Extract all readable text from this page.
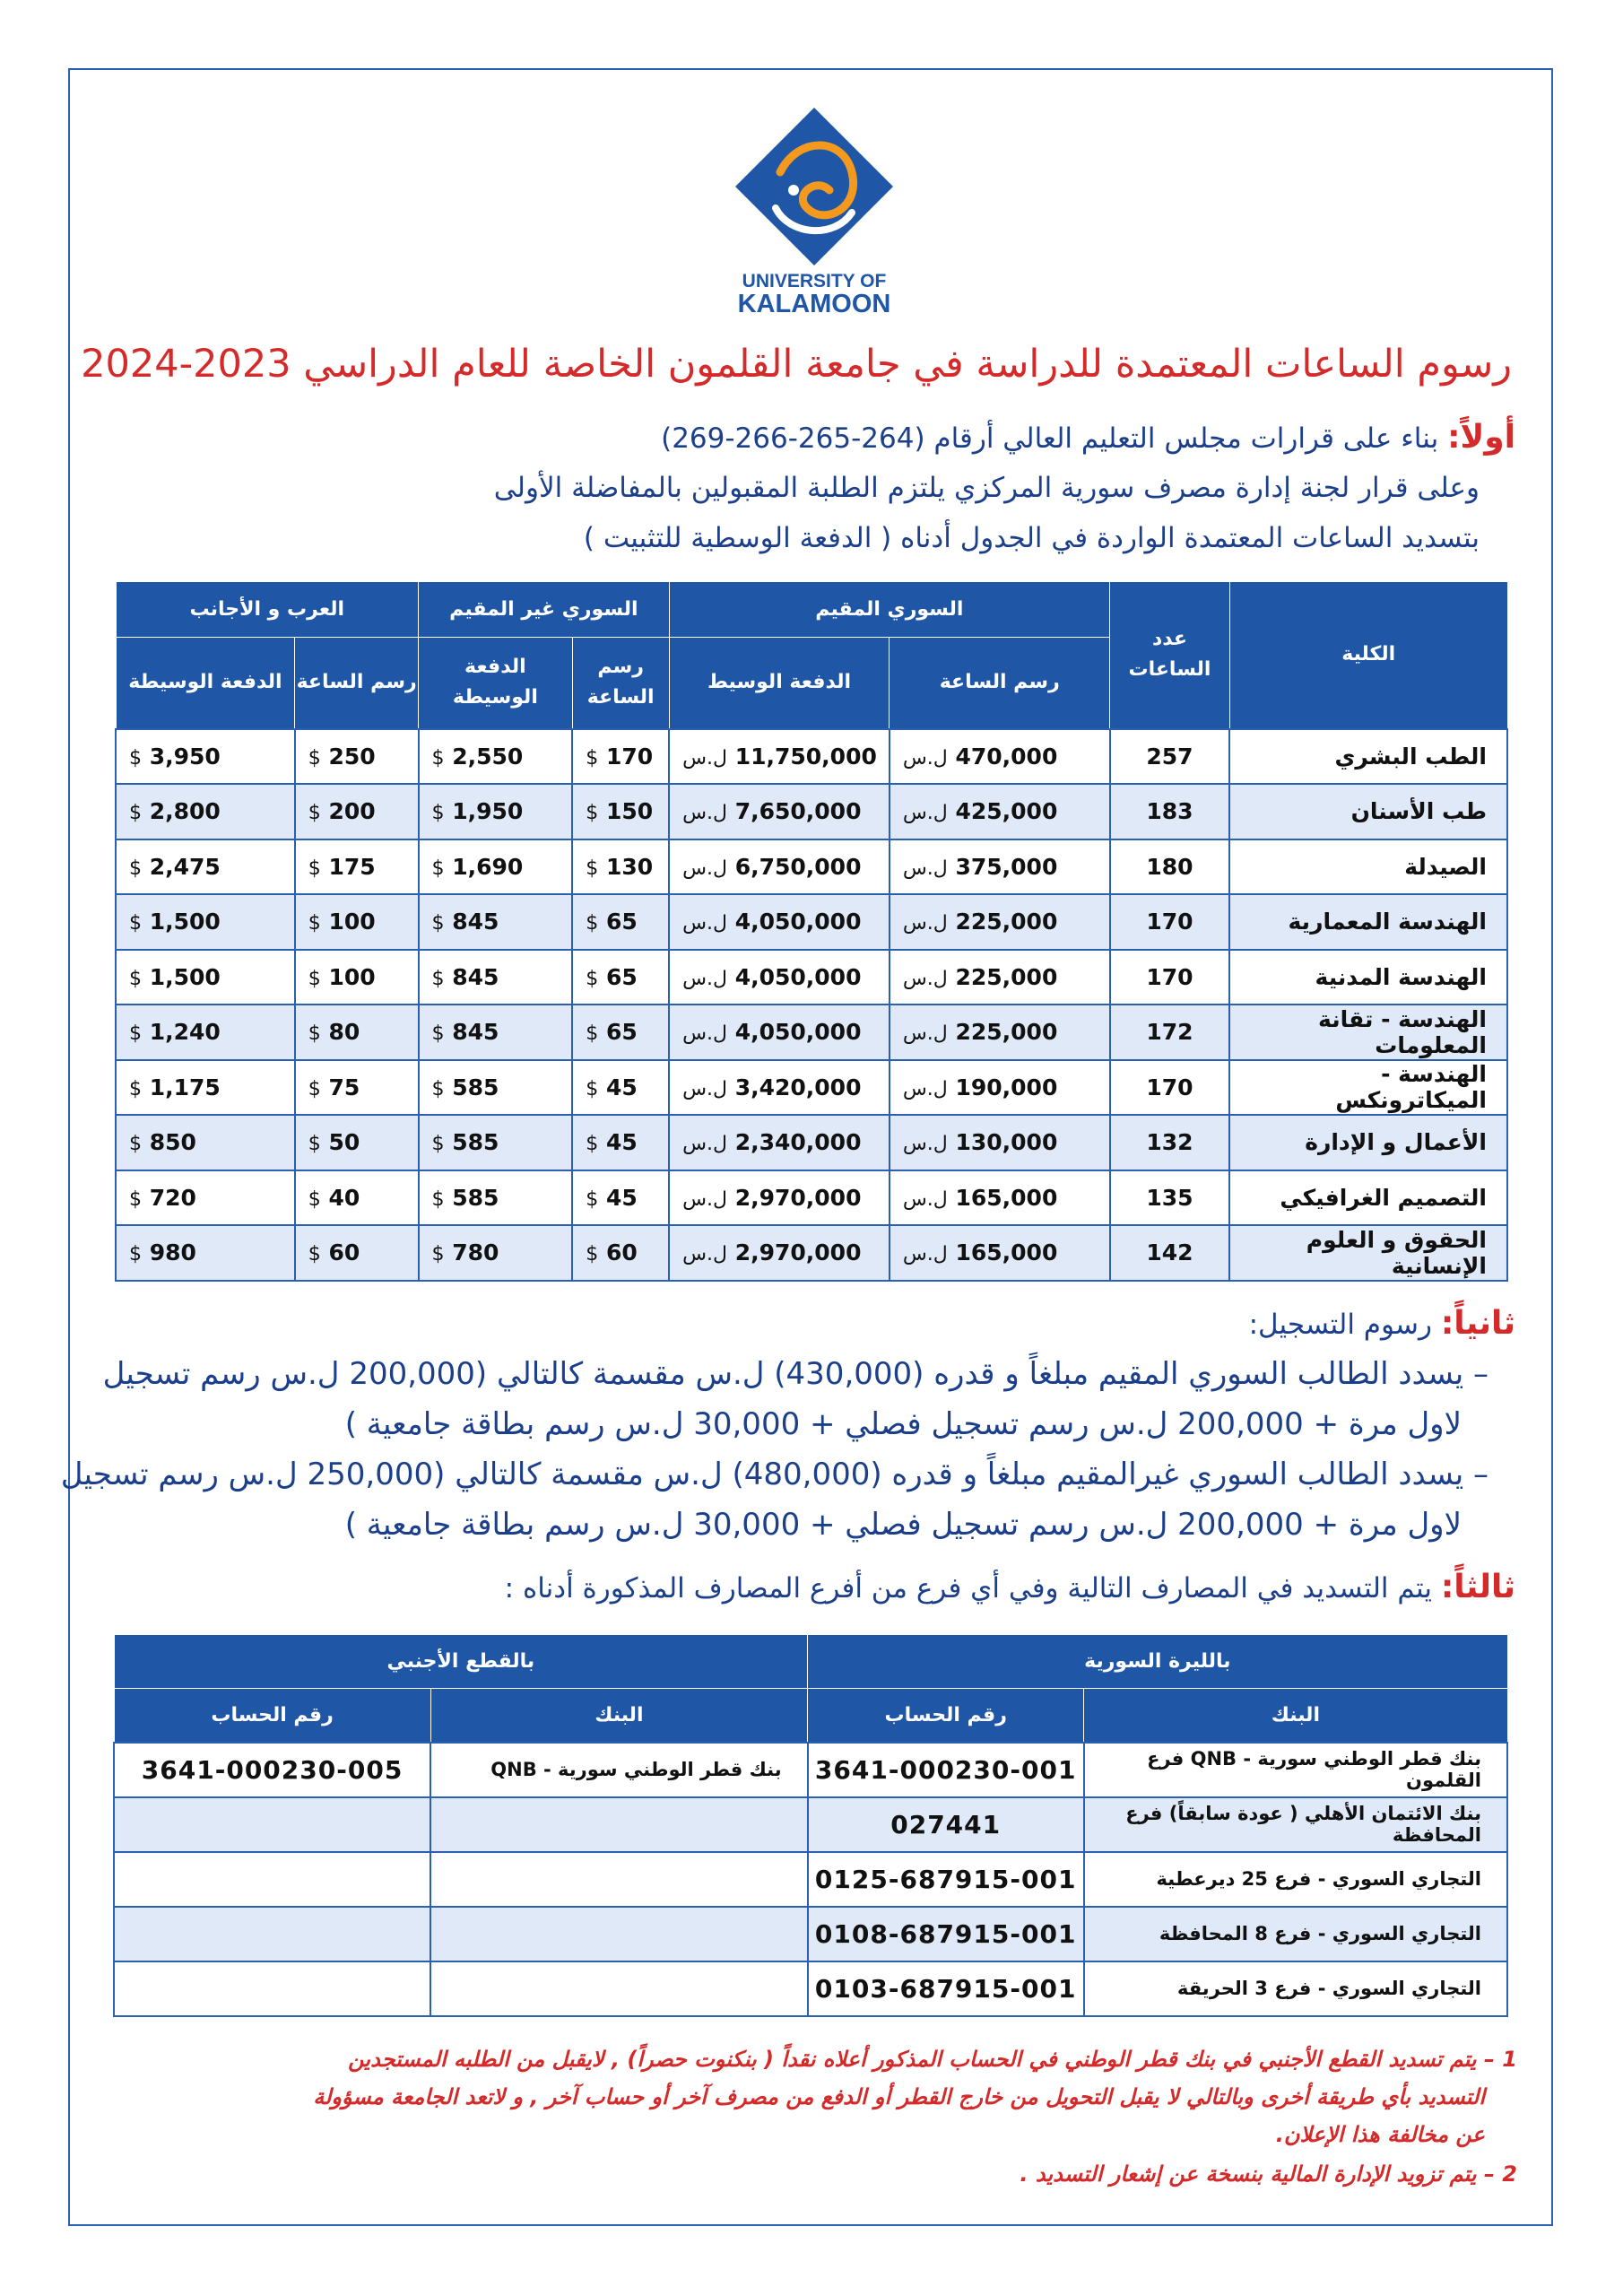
UNIVERSITY OF
KALAMOON
رسوم الساعات المعتمدة للدراسة في جامعة القلمون الخاصة للعام الدراسي 2023-2024
أولاً: بناء على قرارات مجلس التعليم العالي أرقام (264-265-266-269)
وعلى قرار لجنة إدارة مصرف سورية المركزي يلتزم الطلبة المقبولين بالمفاضلة الأولى
بتسديد الساعات المعتمدة الواردة في الجدول أدناه ( الدفعة الوسطية للتثبيت )
الكلية	عدد الساعات	السوري المقيم		السوري غير المقيم		العرب و الأجانب	
		رسم الساعة	الدفعة الوسيط	رسم الساعة	الدفعة الوسيطة	رسم الساعة	الدفعة الوسيطة
الطب البشري	257	ل.س 470,000	ل.س 11,750,000	$ 170	$ 2,550	$ 250	$ 3,950
طب الأسنان	183	ل.س 425,000	ل.س 7,650,000	$ 150	$ 1,950	$ 200	$ 2,800
الصيدلة	180	ل.س 375,000	ل.س 6,750,000	$ 130	$ 1,690	$ 175	$ 2,475
الهندسة المعمارية	170	ل.س 225,000	ل.س 4,050,000	$ 65	$ 845	$ 100	$ 1,500
الهندسة المدنية	170	ل.س 225,000	ل.س 4,050,000	$ 65	$ 845	$ 100	$ 1,500
الهندسة - تقانة المعلومات	172	ل.س 225,000	ل.س 4,050,000	$ 65	$ 845	$ 80	$ 1,240
الهندسة - الميكاترونكس	170	ل.س 190,000	ل.س 3,420,000	$ 45	$ 585	$ 75	$ 1,175
الأعمال و الإدارة	132	ل.س 130,000	ل.س 2,340,000	$ 45	$ 585	$ 50	$ 850
التصميم الغرافيكي	135	ل.س 165,000	ل.س 2,970,000	$ 45	$ 585	$ 40	$ 720
الحقوق و العلوم الإنسانية	142	ل.س 165,000	ل.س 2,970,000	$ 60	$ 780	$ 60	$ 980
ثانياً: رسوم التسجيل:
– يسدد الطالب السوري المقيم مبلغاً و قدره (430,000) ل.س مقسمة كالتالي (200,000 ل.س رسم تسجيل
لاول مرة + 200,000 ل.س رسم تسجيل فصلي + 30,000 ل.س رسم بطاقة جامعية )
– يسدد الطالب السوري غيرالمقيم مبلغاً و قدره (480,000) ل.س مقسمة كالتالي (250,000 ل.س رسم تسجيل
لاول مرة + 200,000 ل.س رسم تسجيل فصلي + 30,000 ل.س رسم بطاقة جامعية )
ثالثاً: يتم التسديد في المصارف التالية وفي أي فرع من أفرع المصارف المذكورة أدناه :
بالليرة السورية		بالقطع الأجنبي	
البنك	رقم الحساب	البنك	رقم الحساب
بنك قطر الوطني سورية - QNB فرع القلمون	3641-000230-001	بنك قطر الوطني سورية - QNB	3641-000230-005
بنك الائتمان الأهلي ( عودة سابقاً) فرع المحافظة	027441		
التجاري السوري - فرع 25 ديرعطية	0125-687915-001		
التجاري السوري - فرع 8 المحافظة	0108-687915-001		
التجاري السوري - فرع 3 الحريقة	0103-687915-001		
1 – يتم تسديد القطع الأجنبي في بنك قطر الوطني في الحساب المذكور أعلاه نقداً ( بنكنوت حصراً) , لايقبل من الطلبه المستجدين
التسديد بأي طريقة أخرى وبالتالي لا يقبل التحويل من خارج القطر أو الدفع من مصرف آخر أو حساب آخر , و لاتعد الجامعة مسؤولة
عن مخالفة هذا الإعلان.
2 – يتم تزويد الإدارة المالية بنسخة عن إشعار التسديد .
